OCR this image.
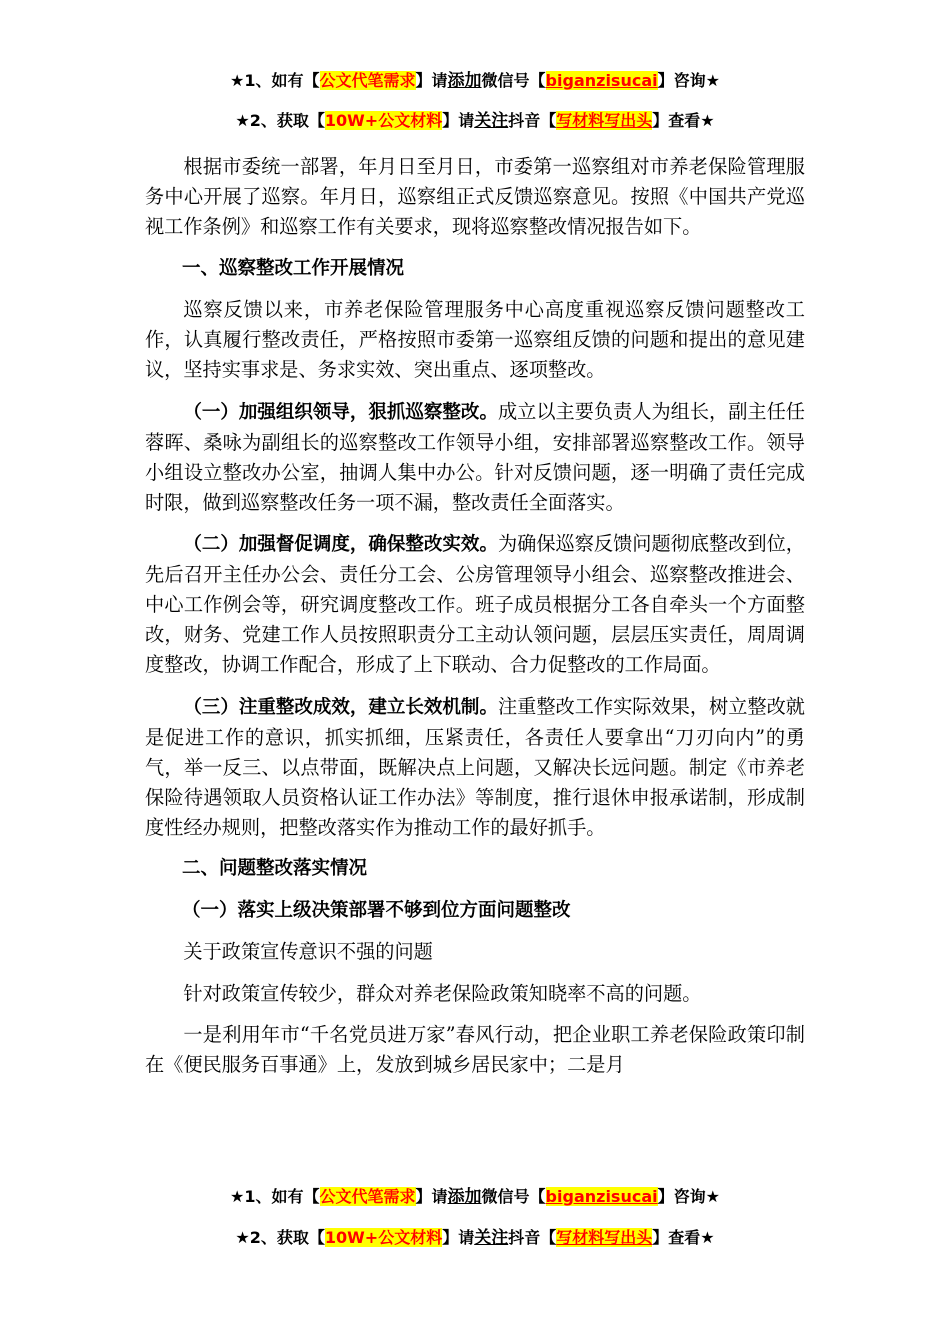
★1、如有【公文代笔需求】请添加微信号【biganzisucai】咨询★
★2、获取【10W+公文材料】请关注抖音【写材料写出头】查看★

根据市委统一部署，年月日至月日，市委第一巡察组对市养老保险管理服务中心开展了巡察。年月日，巡察组正式反馈巡察意见。按照《中国共产党巡视工作条例》和巡察工作有关要求，现将巡察整改情况报告如下。

一、巡察整改工作开展情况

巡察反馈以来，市养老保险管理服务中心高度重视巡察反馈问题整改工作，认真履行整改责任，严格按照市委第一巡察组反馈的问题和提出的意见建议，坚持实事求是、务求实效、突出重点、逐项整改。

（一）加强组织领导，狠抓巡察整改。成立以主要负责人为组长，副主任任蓉晖、桑咏为副组长的巡察整改工作领导小组，安排部署巡察整改工作。领导小组设立整改办公室，抽调人集中办公。针对反馈问题，逐一明确了责任完成时限，做到巡察整改任务一项不漏，整改责任全面落实。

（二）加强督促调度，确保整改实效。为确保巡察反馈问题彻底整改到位，先后召开主任办公会、责任分工会、公房管理领导小组会、巡察整改推进会、中心工作例会等，研究调度整改工作。班子成员根据分工各自牵头一个方面整改，财务、党建工作人员按照职责分工主动认领问题，层层压实责任，周周调度整改，协调工作配合，形成了上下联动、合力促整改的工作局面。

（三）注重整改成效，建立长效机制。注重整改工作实际效果，树立整改就是促进工作的意识，抓实抓细，压紧责任，各责任人要拿出“刀刃向内”的勇气，举一反三、以点带面，既解决点上问题，又解决长远问题。制定《市养老保险待遇领取人员资格认证工作办法》等制度，推行退休申报承诺制，形成制度性经办规则，把整改落实作为推动工作的最好抓手。

二、问题整改落实情况

（一）落实上级决策部署不够到位方面问题整改

关于政策宣传意识不强的问题

针对政策宣传较少，群众对养老保险政策知晓率不高的问题。

一是利用年市“千名党员进万家”春风行动，把企业职工养老保险政策印制在《便民服务百事通》上，发放到城乡居民家中；二是月

★1、如有【公文代笔需求】请添加微信号【biganzisucai】咨询★
★2、获取【10W+公文材料】请关注抖音【写材料写出头】查看★
